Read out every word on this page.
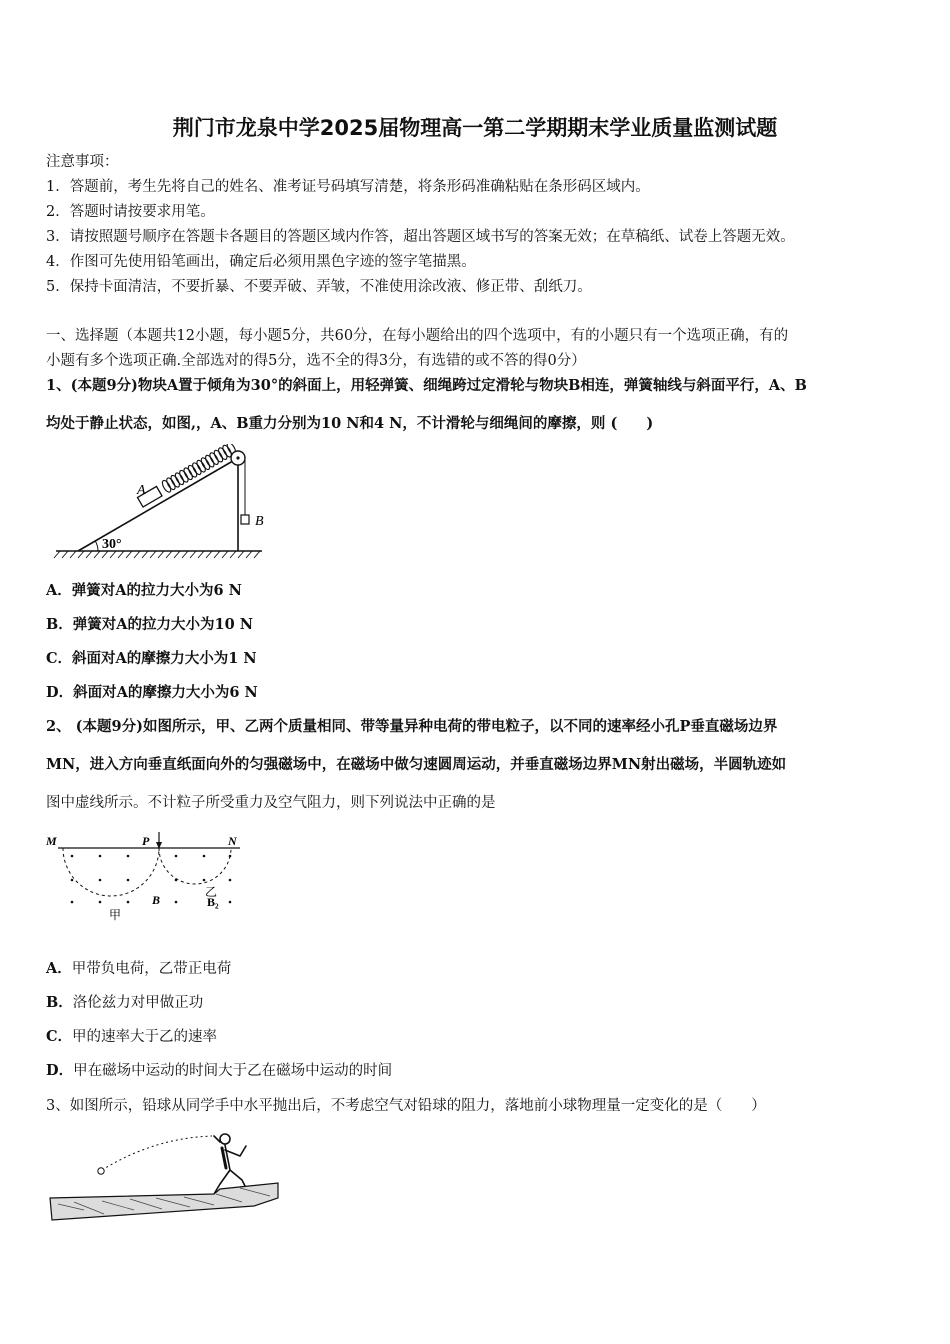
荆门市龙泉中学2025届物理高一第二学期期末学业质量监测试题
注意事项：
1．答题前，考生先将自己的姓名、准考证号码填写清楚，将条形码准确粘贴在条形码区域内。
2．答题时请按要求用笔。
3．请按照题号顺序在答题卡各题目的答题区域内作答，超出答题区域书写的答案无效；在草稿纸、试卷上答题无效。
4．作图可先使用铅笔画出，确定后必须用黑色字迹的签字笔描黑。
5．保持卡面清洁，不要折暴、不要弄破、弄皱，不准使用涂改液、修正带、刮纸刀。
一、选择题（本题共12小题，每小题5分，共60分，在每小题给出的四个选项中，有的小题只有一个选项正确，有的
小题有多个选项正确.全部选对的得5分，选不全的得3分，有选错的或不答的得0分）
1、(本题9分)物块A置于倾角为30°的斜面上，用轻弹簧、细绳跨过定滑轮与物块B相连，弹簧轴线与斜面平行，A、B
均处于静止状态，如图,，A、B重力分别为10 N和4 N，不计滑轮与细绳间的摩擦，则 (　　)
30°
A
B
A．弹簧对A的拉力大小为6 N
B．弹簧对A的拉力大小为10 N
C．斜面对A的摩擦力大小为1 N
D．斜面对A的摩擦力大小为6 N
2、 (本题9分)如图所示，甲、乙两个质量相同、带等量异种电荷的带电粒子，以不同的速率经小孔P垂直磁场边界
MN，进入方向垂直纸面向外的匀强磁场中，在磁场中做匀速圆周运动，并垂直磁场边界MN射出磁场，半圆轨迹如
图中虚线所示。不计粒子所受重力及空气阻力，则下列说法中正确的是
M	P	N
B
乙
B₂
甲
A．甲带负电荷，乙带正电荷
B．洛伦兹力对甲做正功
C．甲的速率大于乙的速率
D．甲在磁场中运动的时间大于乙在磁场中运动的时间
3、如图所示，铅球从同学手中水平抛出后，不考虑空气对铅球的阻力，落地前小球物理量一定变化的是（　　）
